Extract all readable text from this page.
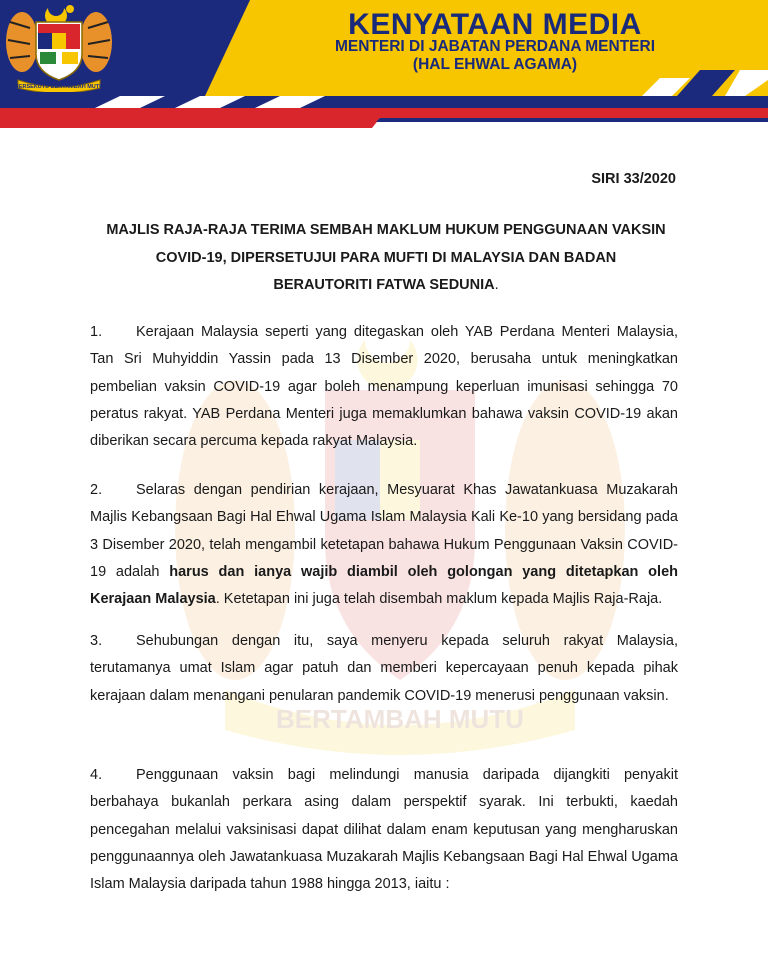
BERSEKUTU BERTAMBAH MUTU
KENYATAAN MEDIA
MENTERI DI JABATAN PERDANA MENTERI
(HAL EHWAL AGAMA)
BERTAMBAH MUTU
SIRI 33/2020
MAJLIS RAJA-RAJA TERIMA SEMBAH MAKLUM HUKUM PENGGUNAAN VAKSIN
COVID-19, DIPERSETUJUI PARA MUFTI DI MALAYSIA DAN BADAN
BERAUTORITI FATWA SEDUNIA.
1. Kerajaan Malaysia seperti yang ditegaskan oleh YAB Perdana Menteri Malaysia, Tan Sri Muhyiddin Yassin pada 13 Disember 2020, berusaha untuk meningkatkan pembelian vaksin COVID-19 agar boleh menampung keperluan imunisasi sehingga 70 peratus rakyat. YAB Perdana Menteri juga memaklumkan bahawa vaksin COVID-19 akan diberikan secara percuma kepada rakyat Malaysia.
2. Selaras dengan pendirian kerajaan, Mesyuarat Khas Jawatankuasa Muzakarah Majlis Kebangsaan Bagi Hal Ehwal Ugama Islam Malaysia Kali Ke-10 yang bersidang pada 3 Disember 2020, telah mengambil ketetapan bahawa Hukum Penggunaan Vaksin COVID-19 adalah harus dan ianya wajib diambil oleh golongan yang ditetapkan oleh Kerajaan Malaysia. Ketetapan ini juga telah disembah maklum kepada Majlis Raja-Raja.
3. Sehubungan dengan itu, saya menyeru kepada seluruh rakyat Malaysia, terutamanya umat Islam agar patuh dan memberi kepercayaan penuh kepada pihak kerajaan dalam menangani penularan pandemik COVID-19 menerusi penggunaan vaksin.
4. Penggunaan vaksin bagi melindungi manusia daripada dijangkiti penyakit berbahaya bukanlah perkara asing dalam perspektif syarak. Ini terbukti, kaedah pencegahan melalui vaksinisasi dapat dilihat dalam enam keputusan yang mengharuskan penggunaannya oleh Jawatankuasa Muzakarah Majlis Kebangsaan Bagi Hal Ehwal Ugama Islam Malaysia daripada tahun 1988 hingga 2013, iaitu :
